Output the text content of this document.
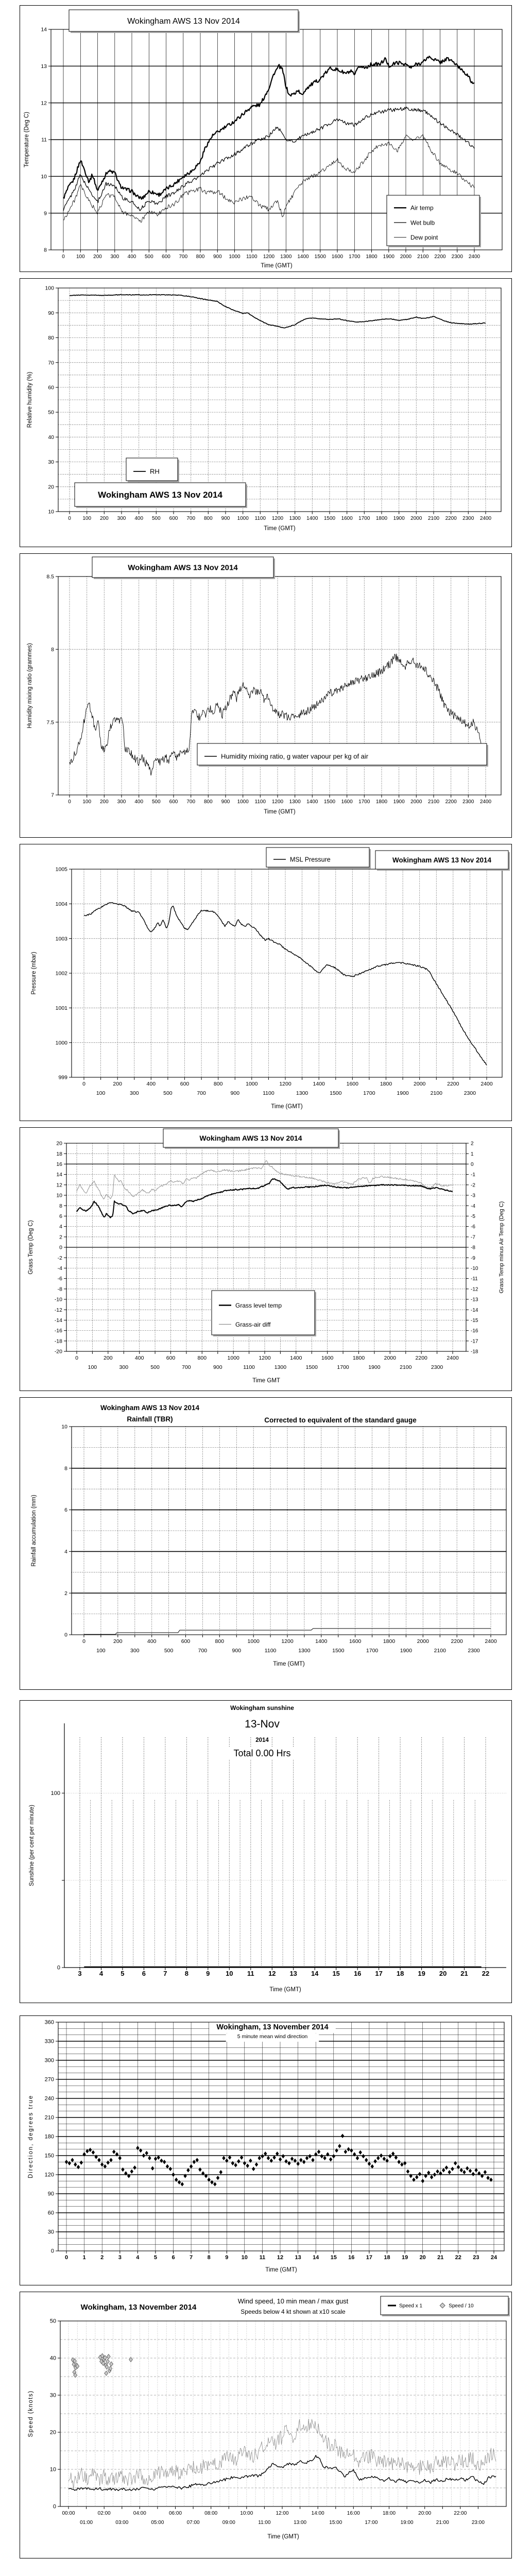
8
9
10
11
12
13
14
Temperature (Deg C)
0 100 200 300 400 500 600 700 800 900 1000 1100 1200 1300 1400 1500 1600 1700 1800 1900 2000 2100 2200 2300 2400
Time (GMT)
Wokingham AWS 13 Nov 2014
Air temp
Wet bulb
Dew point
10
20
30
40
50
60
70
80
90
100
Relative humidity (%)
0 100 200 300 400 500 600 700 800 900 1000 1100 1200 1300 1400 1500 1600 1700 1800 1900 2000 2100 2200 2300 2400
Time (GMT)
Wokingham AWS 13 Nov 2014
RH
7
7.5
8
8.5
Humidity mixing ratio (grammes)
0 100 200 300 400 500 600 700 800 900 1000 1100 1200 1300 1400 1500 1600 1700 1800 1900 2000 2100 2200 2300 2400
Time (GMT)
Wokingham AWS 13 Nov 2014
Humidity mixing ratio, g water vapour per kg of air
999
1000
1001
1002
1003
1004
1005
Pressure (mbar)
0
100
200
300
400
500
600
700
800
900
1000
1100
1200
1300
1400
1500
1600
1700
1800
1900
2000
2100
2200
2300
2400
Time (GMT)
Wokingham AWS 13 Nov 2014
MSL Pressure
-20
-18
-16
-14
-12
-10
-8
-6
-4
-2
0
2
4
6
8
10
12
14
16
18
20
Grass Temp (Deg C)
-18
-17
-16
-15
-14
-13
-12
-11
-10
-9
-8
-7
-6
-5
-4
-3
-2
-1
0
1
2
Grass Temp minus Air Temp (Deg C)
0
100
200
300
400
500
600
700
800
900
1000
1100
1200
1300
1400
1500
1600
1700
1800
1900
2000
2100
2200
2300
2400
Time GMT
Wokingham AWS 13 Nov 2014
Grass level temp
Grass-air diff
0
2
4
6
8
10
Rainfall accumulation (mm)
0
100
200
300
400
500
600
700
800
900
1000
1100
1200
1300
1400
1500
1600
1700
1800
1900
2000
2100
2200
2300
2400
Time (GMT)
Wokingham AWS 13 Nov 2014
Rainfall (TBR)	Corrected to equivalent of the standard gauge
0
100
Sunshine (per cent per minute)
3	4	5	6	7	8	9 10 11 12 13 14 15 16 17 18 19 20 21 22
Time (GMT)
Wokingham sunshine
13-Nov
2014
Total 0.00 Hrs
0
30
60
90
120
150
180
210
240
270
300
330
360
Direction, degrees true
0	1	2	3	4	5	6	7	8	9 10 11 12 13 14 15 16 17 18 19 20 21 22 23 24
Time (GMT)
Wokingham, 13 November 2014
5 minute mean wind direction
0
10
20
30
40
50
Speed (knots)
00:00
01:00
02:00
03:00
04:00
05:00
06:00
07:00
08:00
09:00
10:00
11:00
12:00
13:00
14:00
15:00
16:00
17:00
18:00
19:00
20:00
21:00
22:00
23:00
Time (GMT)
Wokingham, 13 November 2014
Wind speed, 10 min mean / max gust
Speeds below 4 kt shown at x10 scale
Speed x 1	Speed / 10
